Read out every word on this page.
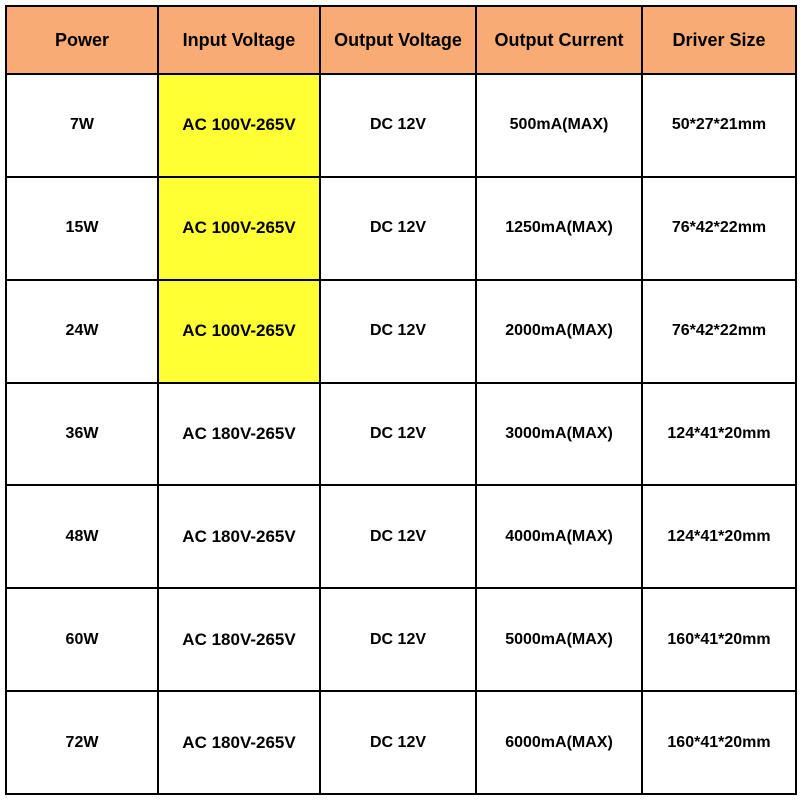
Power	Input Voltage	Output Voltage	Output Current	Driver Size
7W	AC 100V-265V	DC 12V	500mA(MAX)	50*27*21mm
15W	AC 100V-265V	DC 12V	1250mA(MAX)	76*42*22mm
24W	AC 100V-265V	DC 12V	2000mA(MAX)	76*42*22mm
36W	AC 180V-265V	DC 12V	3000mA(MAX)	124*41*20mm
48W	AC 180V-265V	DC 12V	4000mA(MAX)	124*41*20mm
60W	AC 180V-265V	DC 12V	5000mA(MAX)	160*41*20mm
72W	AC 180V-265V	DC 12V	6000mA(MAX)	160*41*20mm
